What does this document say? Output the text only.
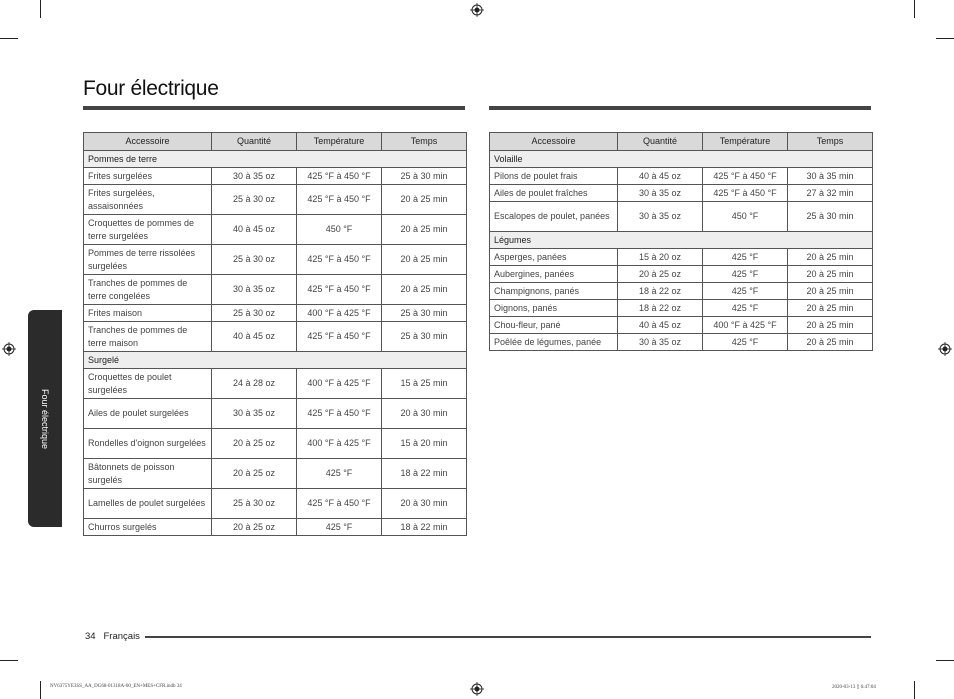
Four électrique
Accessoire	Quantité	Température	Temps
Pommes de terre			
Frites surgelées	30 à 35 oz	425 °F à 450 °F	25 à 30 min
Frites surgelées, assaisonnées	25 à 30 oz	425 °F à 450 °F	20 à 25 min
Croquettes de pommes de terre surgelées	40 à 45 oz	450 °F	20 à 25 min
Pommes de terre rissolées surgelées	25 à 30 oz	425 °F à 450 °F	20 à 25 min
Tranches de pommes de terre congelées	30 à 35 oz	425 °F à 450 °F	20 à 25 min
Frites maison	25 à 30 oz	400 °F à 425 °F	25 à 30 min
Tranches de pommes de terre maison	40 à 45 oz	425 °F à 450 °F	25 à 30 min
Surgelé			
Croquettes de poulet surgelées	24 à 28 oz	400 °F à 425 °F	15 à 25 min
Ailes de poulet surgelées	30 à 35 oz	425 °F à 450 °F	20 à 30 min
Rondelles d'oignon surgelées	20 à 25 oz	400 °F à 425 °F	15 à 20 min
Bâtonnets de poisson surgelés	20 à 25 oz	425 °F	18 à 22 min
Lamelles de poulet surgelées	25 à 30 oz	425 °F à 450 °F	20 à 30 min
Churros surgelés	20 à 25 oz	425 °F	18 à 22 min
Accessoire	Quantité	Température	Temps
Volaille			
Pilons de poulet frais	40 à 45 oz	425 °F à 450 °F	30 à 35 min
Ailes de poulet fraîches	30 à 35 oz	425 °F à 450 °F	27 à 32 min
Escalopes de poulet, panées	30 à 35 oz	450 °F	25 à 30 min
Légumes			
Asperges, panées	15 à 20 oz	425 °F	20 à 25 min
Aubergines, panées	20 à 25 oz	425 °F	20 à 25 min
Champignons, panés	18 à 22 oz	425 °F	20 à 25 min
Oignons, panés	18 à 22 oz	425 °F	20 à 25 min
Chou-fleur, pané	40 à 45 oz	400 °F à 425 °F	20 à 25 min
Poêlée de légumes, panée	30 à 35 oz	425 °F	20 à 25 min
Four électrique
34 Français
NV6375YE3SS_AA_DG68-01318A-00_EN+MES+CFR.indb 34	2020-03-13 ▯ 6:47:04
